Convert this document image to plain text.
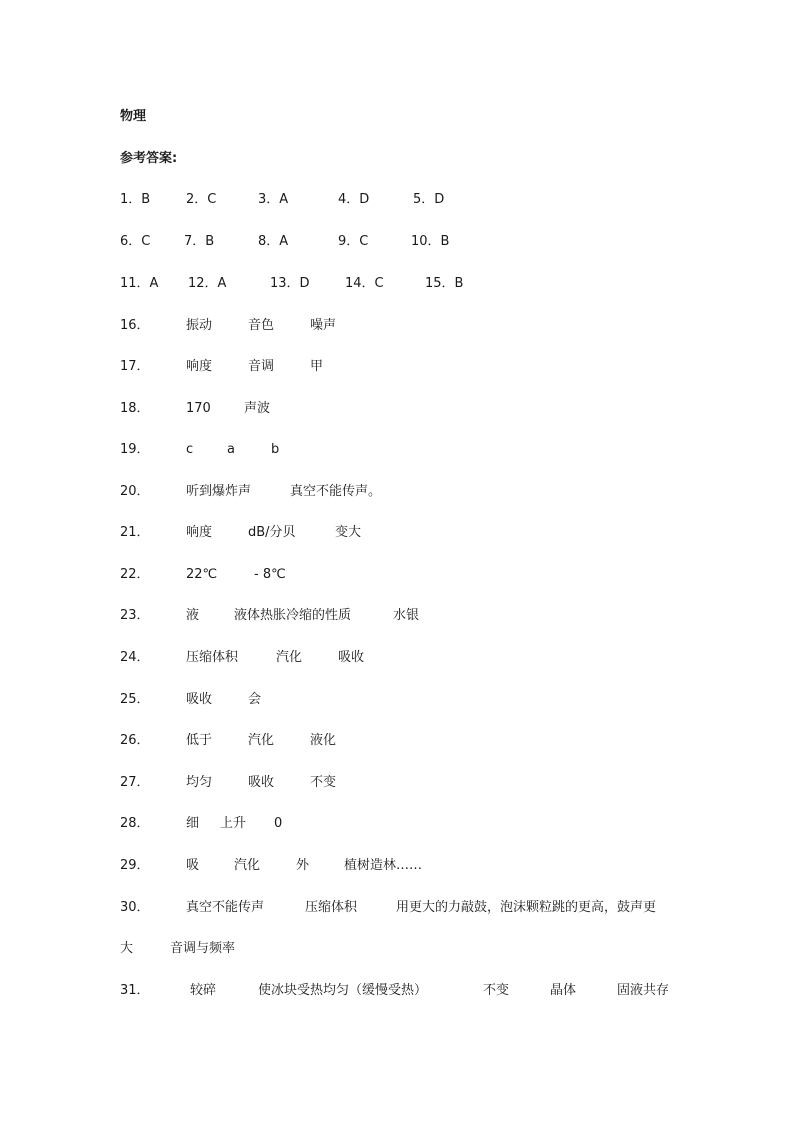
物理
参考答案:
1．B	2．C	3．A	4．D	5．D
6．C	7．B	8．A	9．C	10．B
11．A 12．A	13．D	14．C	15．B
16．	振动	音色	噪声
17．	响度	音调	甲
18．	170	声波
19．	c	a	b
20．	听到爆炸声	真空不能传声。
21．	响度	dB/分贝	变大
22．	22℃	- 8℃
23．	液	液体热胀冷缩的性质	水银
24．	压缩体积	汽化	吸收
25．	吸收	会
26．	低于	汽化	液化
27．	均匀	吸收	不变
28．	细 上升 0
29．	吸	汽化	外	植树造林……
30．	真空不能传声	压缩体积	用更大的力敲鼓，泡沫颗粒跳的更高，鼓声更
大	音调与频率
31．	较碎	使冰块受热均匀（缓慢受热）	不变	晶体	固液共存
